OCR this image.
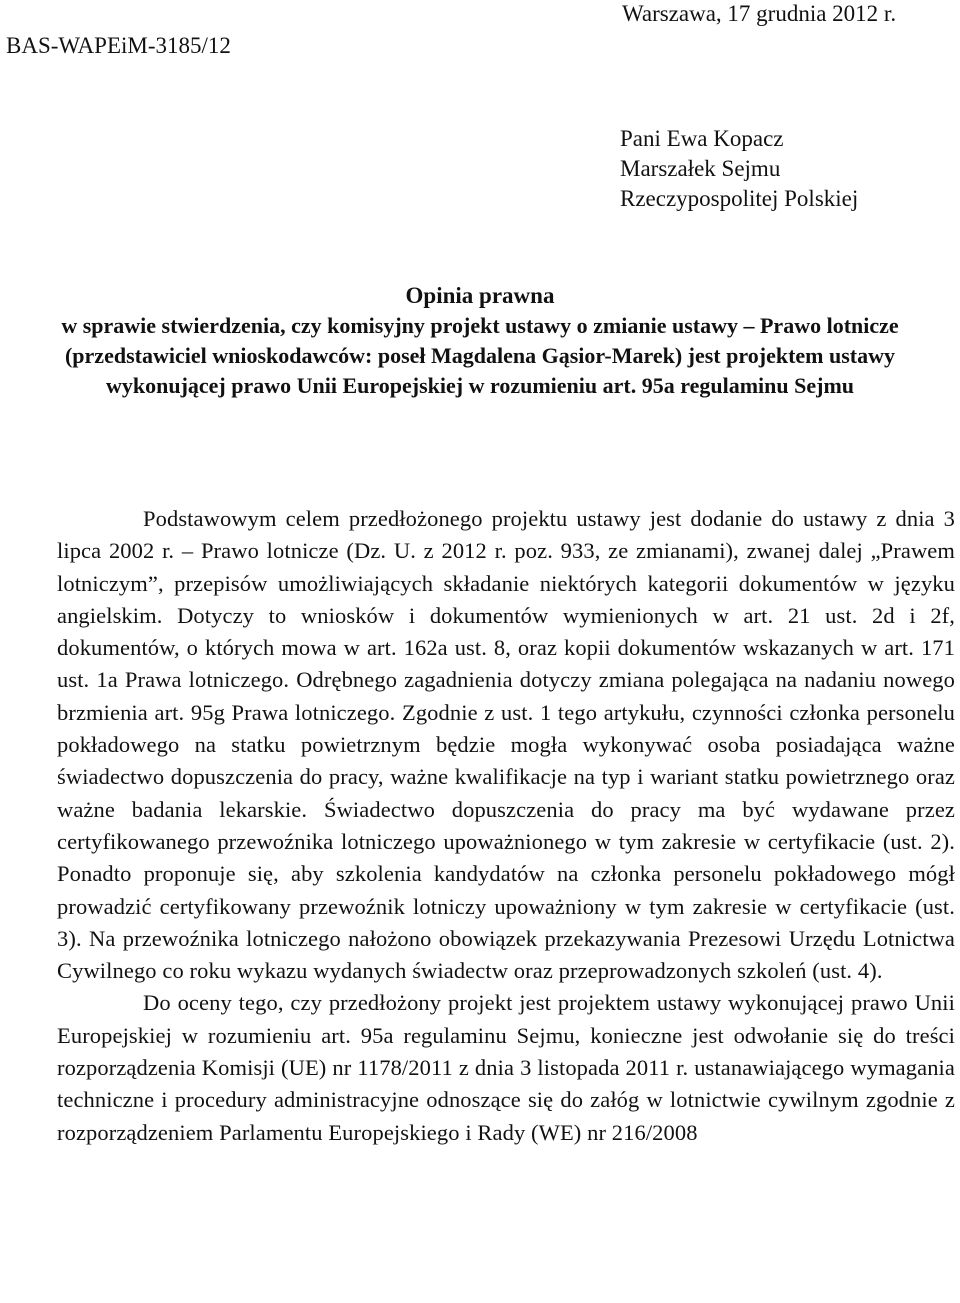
BAS-WAPEiM-3185/12
Warszawa, 17 grudnia 2012 r.
Pani Ewa Kopacz
Marszałek Sejmu
Rzeczypospolitej Polskiej
Opinia prawna
w sprawie stwierdzenia, czy komisyjny projekt ustawy o zmianie ustawy – Prawo lotnicze (przedstawiciel wnioskodawców: poseł Magdalena Gąsior-Marek) jest projektem ustawy wykonującej prawo Unii Europejskiej w rozumieniu art. 95a regulaminu Sejmu

Podstawowym celem przedłożonego projektu ustawy jest dodanie do ustawy z dnia 3 lipca 2002 r. – Prawo lotnicze (Dz. U. z 2012 r. poz. 933, ze zmianami), zwanej dalej „Prawem lotniczym”, przepisów umożliwiających składanie niektórych kategorii dokumentów w języku angielskim. Dotyczy to wniosków i dokumentów wymienionych w art. 21 ust. 2d i 2f, dokumentów, o których mowa w art. 162a ust. 8, oraz kopii dokumentów wskazanych w art. 171 ust. 1a Prawa lotniczego. Odrębnego zagadnienia dotyczy zmiana polegająca na nadaniu nowego brzmienia art. 95g Prawa lotniczego. Zgodnie z ust. 1 tego artykułu, czynności członka personelu pokładowego na statku powietrznym będzie mogła wykonywać osoba posiadająca ważne świadectwo dopuszczenia do pracy, ważne kwalifikacje na typ i wariant statku powietrznego oraz ważne badania lekarskie. Świadectwo dopuszczenia do pracy ma być wydawane przez certyfikowanego przewoźnika lotniczego upoważnionego w tym zakresie w certyfikacie (ust. 2). Ponadto proponuje się, aby szkolenia kandydatów na członka personelu pokładowego mógł prowadzić certyfikowany przewoźnik lotniczy upoważniony w tym zakresie w certyfikacie (ust. 3). Na przewoźnika lotniczego nałożono obowiązek przekazywania Prezesowi Urzędu Lotnictwa Cywilnego co roku wykazu wydanych świadectw oraz przeprowadzonych szkoleń (ust. 4).

Do oceny tego, czy przedłożony projekt jest projektem ustawy wykonującej prawo Unii Europejskiej w rozumieniu art. 95a regulaminu Sejmu, konieczne jest odwołanie się do treści rozporządzenia Komisji (UE) nr 1178/2011 z dnia 3 listopada 2011 r. ustanawiającego wymagania techniczne i procedury administracyjne odnoszące się do załóg w lotnictwie cywilnym zgodnie z rozporządzeniem Parlamentu Europejskiego i Rady (WE) nr 216/2008
